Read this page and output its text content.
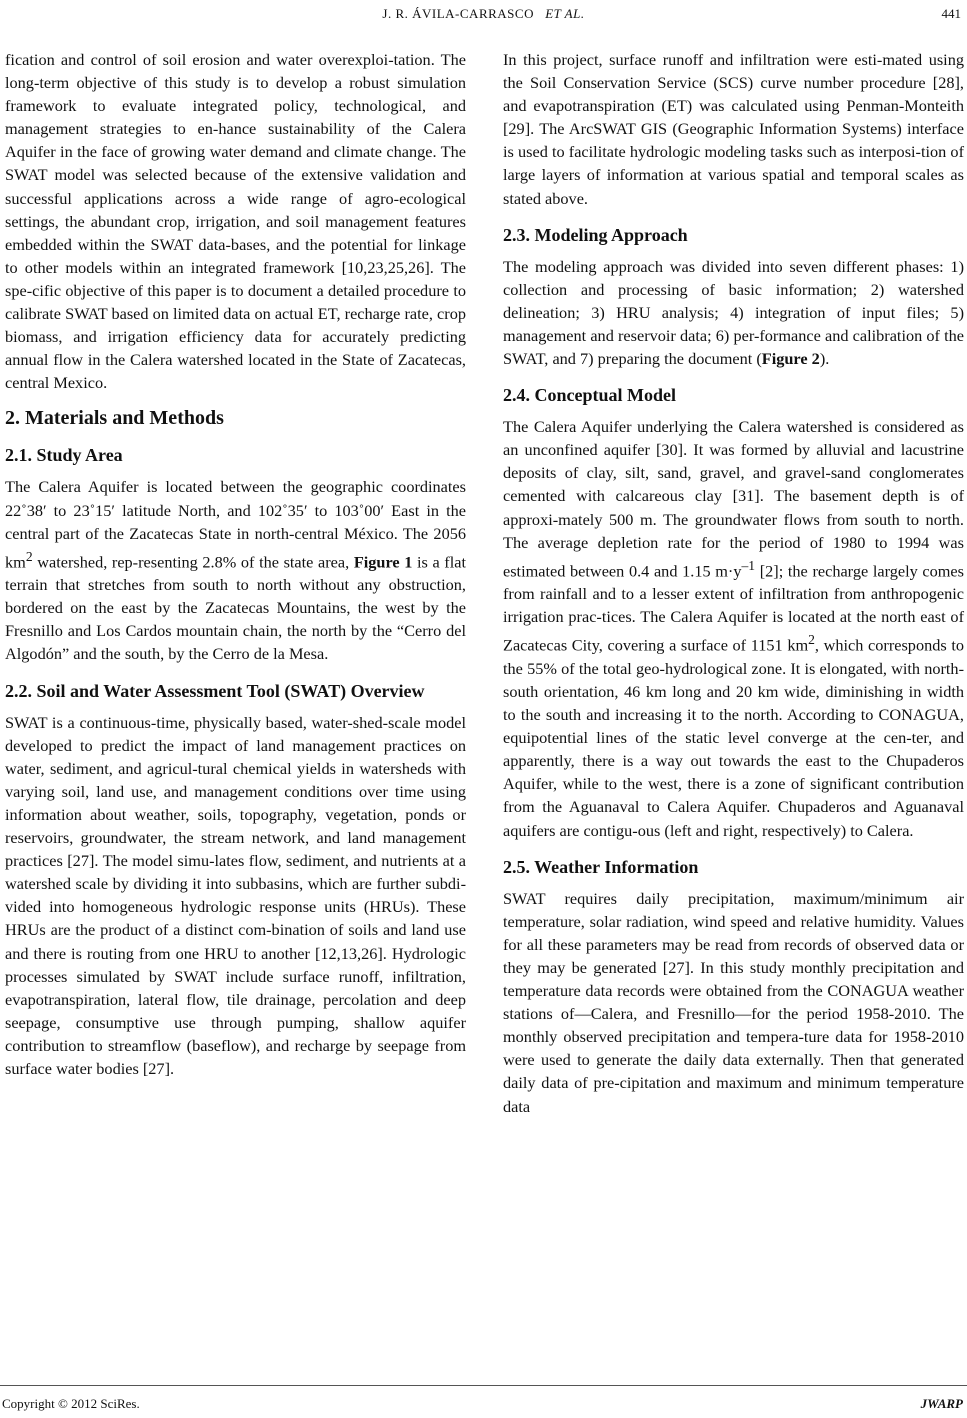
J. R. ÁVILA-CARRASCO ET AL.	441

fication and control of soil erosion and water overexploi-tation. The long-term objective of this study is to develop a robust simulation framework to evaluate integrated policy, technological, and management strategies to en-hance sustainability of the Calera Aquifer in the face of growing water demand and climate change. The SWAT model was selected because of the extensive validation and successful applications across a wide range of agro-ecological settings, the abundant crop, irrigation, and soil management features embedded within the SWAT data-bases, and the potential for linkage to other models within an integrated framework [10,23,25,26]. The spe-cific objective of this paper is to document a detailed procedure to calibrate SWAT based on limited data on actual ET, recharge rate, crop biomass, and irrigation efficiency data for accurately predicting annual flow in the Calera watershed located in the State of Zacatecas, central Mexico.

2. Materials and Methods
2.1. Study Area

The Calera Aquifer is located between the geographic coordinates 22˚38′ to 23˚15′ latitude North, and 102˚35′ to 103˚00′ East in the central part of the Zacatecas State in north-central México. The 2056 $km^2$ watershed, rep-resenting 2.8% of the state area, Figure 1 is a flat terrain that stretches from south to north without any obstruction, bordered on the east by the Zacatecas Mountains, the west by the Fresnillo and Los Cardos mountain chain, the north by the “Cerro del Algodón” and the south, by the Cerro de la Mesa.

2.2. Soil and Water Assessment Tool (SWAT) Overview

SWAT is a continuous-time, physically based, water-shed-scale model developed to predict the impact of land management practices on water, sediment, and agricul-tural chemical yields in watersheds with varying soil, land use, and management conditions over time using information about weather, soils, topography, vegetation, ponds or reservoirs, groundwater, the stream network, and land management practices [27]. The model simu-lates flow, sediment, and nutrients at a watershed scale by dividing it into subbasins, which are further subdi-vided into homogeneous hydrologic response units (HRUs). These HRUs are the product of a distinct com-bination of soils and land use and there is routing from one HRU to another [12,13,26]. Hydrologic processes simulated by SWAT include surface runoff, infiltration, evapotranspiration, lateral flow, tile drainage, percolation and deep seepage, consumptive use through pumping, shallow aquifer contribution to streamflow (baseflow), and recharge by seepage from surface water bodies [27].

In this project, surface runoff and infiltration were esti-mated using the Soil Conservation Service (SCS) curve number procedure [28], and evapotranspiration (ET) was calculated using Penman-Monteith [29]. The ArcSWAT GIS (Geographic Information Systems) interface is used to facilitate hydrologic modeling tasks such as interposi-tion of large layers of information at various spatial and temporal scales as stated above.

2.3. Modeling Approach

The modeling approach was divided into seven different phases: 1) collection and processing of basic information; 2) watershed delineation; 3) HRU analysis; 4) integration of input files; 5) management and reservoir data; 6) per-formance and calibration of the SWAT, and 7) preparing the document (Figure 2).

2.4. Conceptual Model

The Calera Aquifer underlying the Calera watershed is considered as an unconfined aquifer [30]. It was formed by alluvial and lacustrine deposits of clay, silt, sand, gravel, and gravel-sand conglomerates cemented with calcareous clay [31]. The basement depth is of approxi-mately 500 m. The groundwater flows from south to north. The average depletion rate for the period of 1980 to 1994 was estimated between 0.4 and 1.15 $m\cdot y^{-1}$ [2]; the recharge largely comes from rainfall and to a lesser extent of infiltration from anthropogenic irrigation prac-tices. The Calera Aquifer is located at the north east of Zacatecas City, covering a surface of 1151 $km^2$, which corresponds to the 55% of the total geo-hydrological zone. It is elongated, with north-south orientation, 46 km long and 20 km wide, diminishing in width to the south and increasing it to the north. According to CONAGUA, equipotential lines of the static level converge at the cen-ter, and apparently, there is a way out towards the east to the Chupaderos Aquifer, while to the west, there is a zone of significant contribution from the Aguanaval to Calera Aquifer. Chupaderos and Aguanaval aquifers are contigu-ous (left and right, respectively) to Calera.

2.5. Weather Information

SWAT requires daily precipitation, maximum/minimum air temperature, solar radiation, wind speed and relative humidity. Values for all these parameters may be read from records of observed data or they may be generated [27]. In this study monthly precipitation and temperature data records were obtained from the CONAGUA weather stations of—Calera, and Fresnillo—for the period 1958-2010. The monthly observed precipitation and tempera-ture data for 1958-2010 were used to generate the daily data externally. Then that generated daily data of pre-cipitation and maximum and minimum temperature data

Copyright © 2012 SciRes.	JWARP
